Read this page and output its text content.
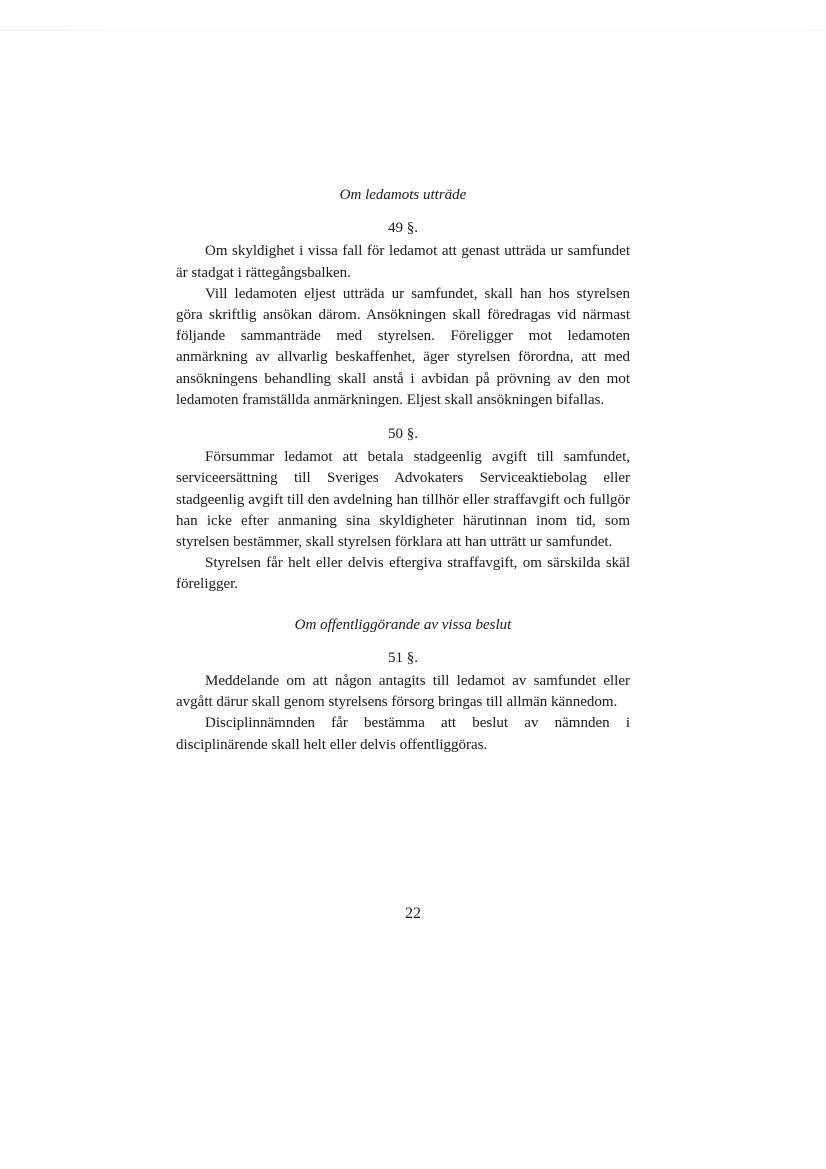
Om ledamots utträde
49 §.

Om skyldighet i vissa fall för ledamot att genast utträda ur samfundet är stadgat i rättegångsbalken.

Vill ledamoten eljest utträda ur samfundet, skall han hos styrelsen göra skriftlig ansökan därom. Ansökningen skall föredragas vid närmast följande sammanträde med styrelsen. Föreligger mot ledamoten anmärkning av allvarlig beskaffenhet, äger styrelsen förordna, att med ansökningens behandling skall anstå i avbidan på prövning av den mot ledamoten framställda anmärkningen. Eljest skall ansökningen bifallas.

50 §.

Försummar ledamot att betala stadgeenlig avgift till samfundet, serviceersättning till Sveriges Advokaters Serviceaktiebolag eller stadgeenlig avgift till den avdelning han tillhör eller straffavgift och fullgör han icke efter anmaning sina skyldigheter härutinnan inom tid, som styrelsen bestämmer, skall styrelsen förklara att han utträtt ur samfundet.

Styrelsen får helt eller delvis eftergiva straffavgift, om särskilda skäl föreligger.

Om offentliggörande av vissa beslut
51 §.

Meddelande om att någon antagits till ledamot av samfundet eller avgått därur skall genom styrelsens försorg bringas till allmän kännedom.

Disciplinnämnden får bestämma att beslut av nämnden i disciplinärende skall helt eller delvis offentliggöras.

22
